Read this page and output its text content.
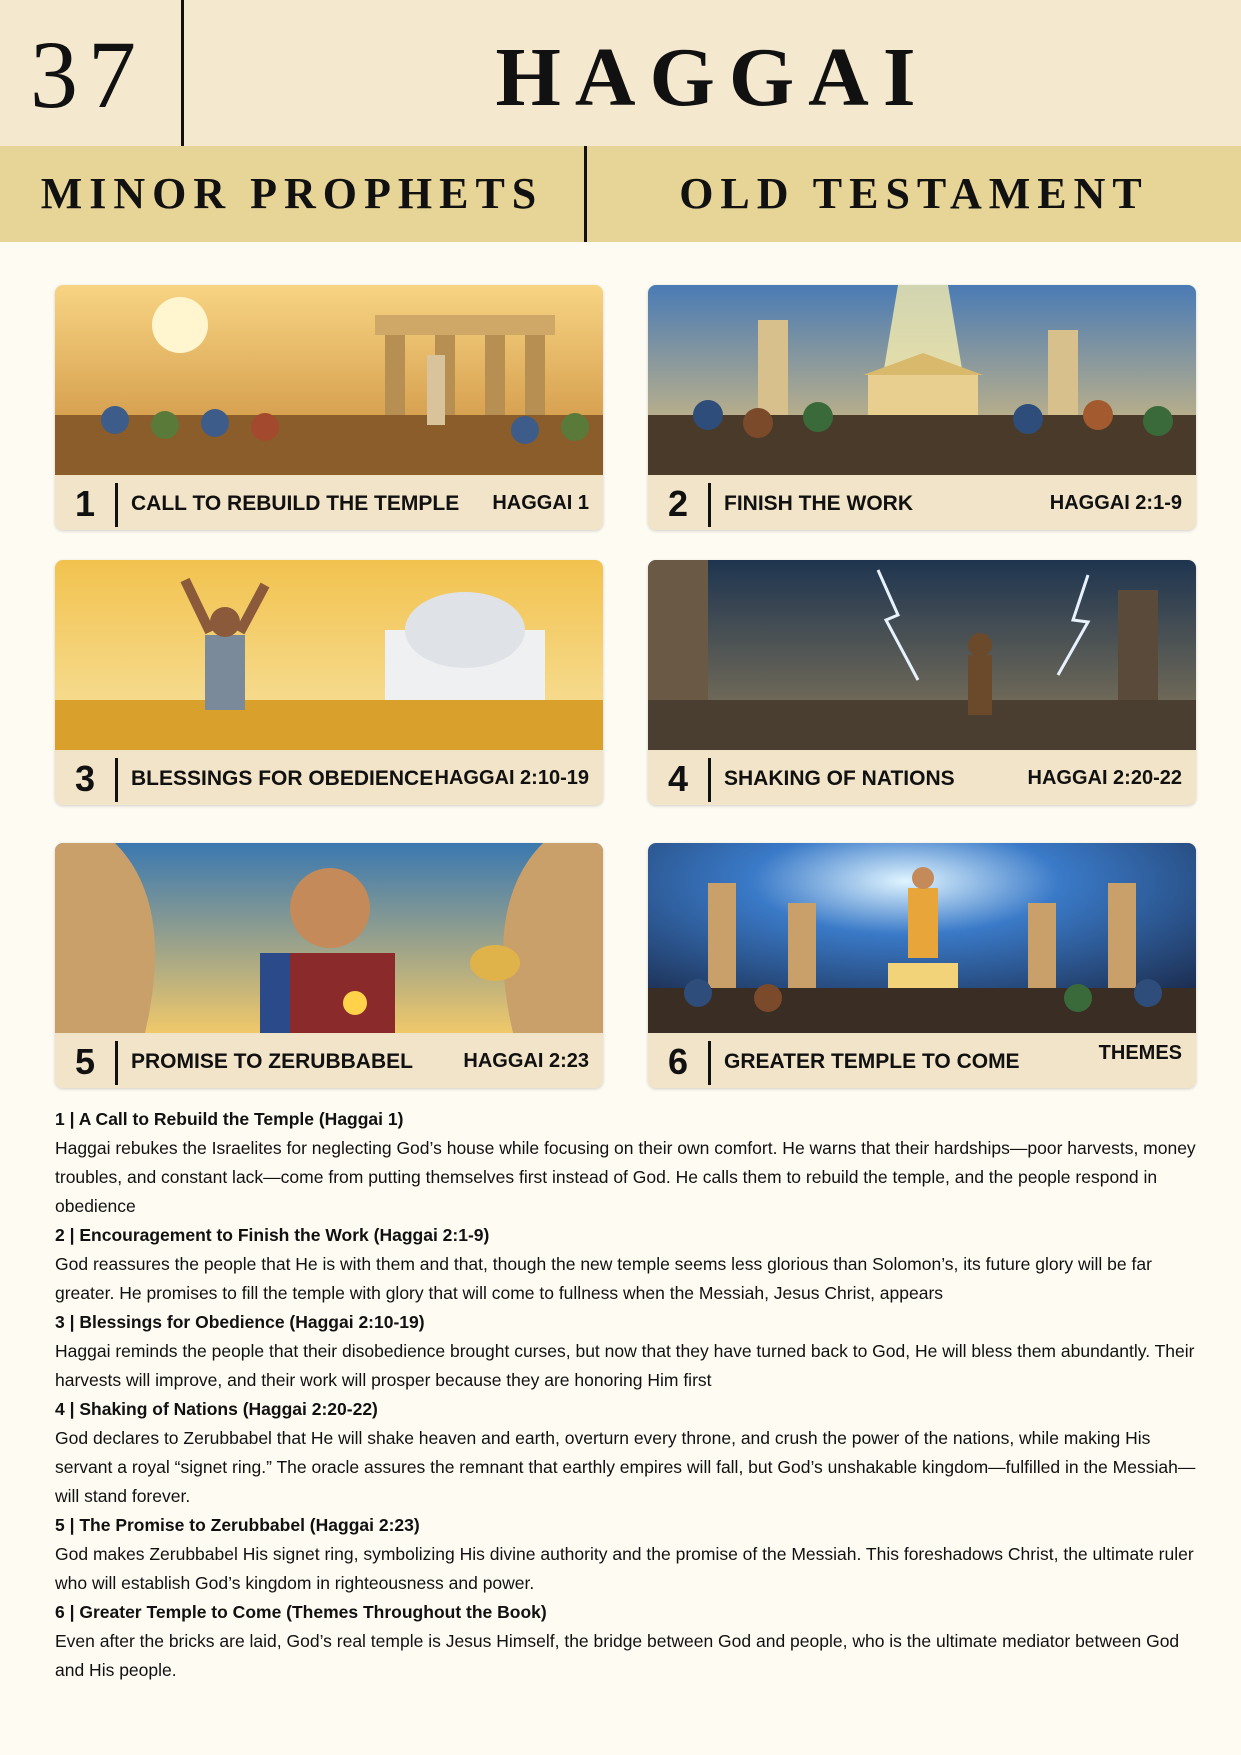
37	HAGGAI
MINOR PROPHETS	OLD TESTAMENT
1	CALL TO REBUILD THE TEMPLE HAGGAI 1	2	FINISH THE WORK	HAGGAI 2:1-9
3	BLESSINGS FOR OBEDIENCE HAGGAI 2:10-19	4	SHAKING OF NATIONS	HAGGAI 2:20-22
5	PROMISE TO ZERUBBABEL	HAGGAI 2:23	6	GREATER TEMPLE TO COME	THEMES

1 | A Call to Rebuild the Temple (Haggai 1)

Haggai rebukes the Israelites for neglecting God’s house while focusing on their own comfort. He warns that their hardships—poor harvests, money troubles, and constant lack—come from putting themselves first instead of God. He calls them to rebuild the temple, and the people respond in obedience

2 | Encouragement to Finish the Work (Haggai 2:1-9)

God reassures the people that He is with them and that, though the new temple seems less glorious than Solomon’s, its future glory will be far greater. He promises to fill the temple with glory that will come to fullness when the Messiah, Jesus Christ, appears

3 | Blessings for Obedience (Haggai 2:10-19)

Haggai reminds the people that their disobedience brought curses, but now that they have turned back to God, He will bless them abundantly. Their harvests will improve, and their work will prosper because they are honoring Him first

4 | Shaking of Nations (Haggai 2:20-22)

God declares to Zerubbabel that He will shake heaven and earth, overturn every throne, and crush the power of the nations, while making His servant a royal “signet ring.” The oracle assures the remnant that earthly empires will fall, but God’s unshakable kingdom—fulfilled in the Messiah—will stand forever.

5 | The Promise to Zerubbabel (Haggai 2:23)

God makes Zerubbabel His signet ring, symbolizing His divine authority and the promise of the Messiah. This foreshadows Christ, the ultimate ruler who will establish God’s kingdom in righteousness and power.

6 | Greater Temple to Come (Themes Throughout the Book)

Even after the bricks are laid, God’s real temple is Jesus Himself, the bridge between God and people, who is the ultimate mediator between God and His people.
